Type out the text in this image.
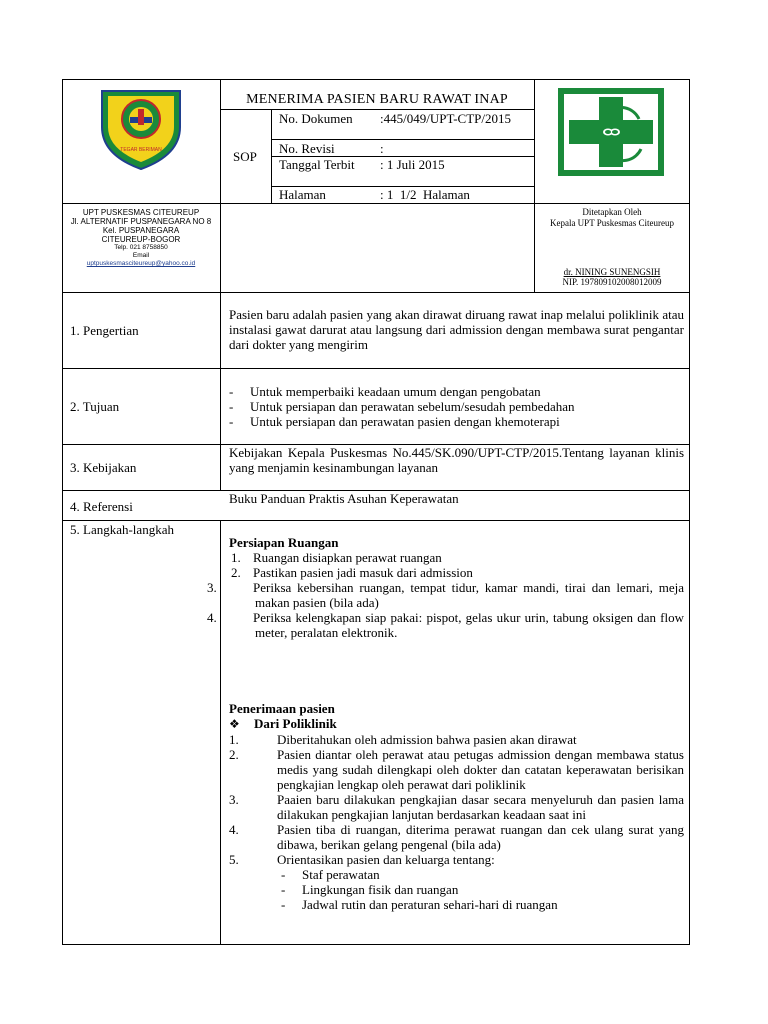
TEGAR BERIMAN
MENERIMA PASIEN BARU RAWAT INAP
SOP
No. Dokumen	:445/049/UPT-CTP/2015
No. Revisi	:
Tanggal Terbit	: 1 Juli 2015
Halaman	: 1  1/2  Halaman
UPT PUSKESMAS CITEUREUP
Jl. ALTERNATIF PUSPANEGARA NO 8
Kel. PUSPANEGARA
CITEUREUP-BOGOR
Telp. 021 8758850
Email
uptpuskesmasciteureup@yahoo.co.id
Ditetapkan Oleh
Kepala UPT Puskesmas Citeureup
dr. NINING SUNENGSIH
NIP. 197809102008012009
1. Pengertian
Pasien baru adalah pasien yang akan dirawat diruang rawat inap melalui poliklinik atau instalasi gawat darurat atau langsung dari admission dengan membawa surat pengantar dari dokter yang mengirim
2. Tujuan
- Untuk memperbaiki keadaan umum dengan pengobatan
- Untuk persiapan dan perawatan sebelum/sesudah pembedahan
- Untuk persiapan dan perawatan pasien dengan khemoterapi
3. Kebijakan
Kebijakan Kepala Puskesmas No.445/SK.090/UPT-CTP/2015.Tentang layanan klinis yang menjamin kesinambungan layanan
4. Referensi
Buku Panduan Praktis Asuhan Keperawatan
5. Langkah-langkah
Persiapan Ruangan
1. Ruangan disiapkan perawat ruangan
2. Pastikan pasien jadi masuk dari admission
3.	Periksa kebersihan ruangan, tempat tidur, kamar mandi, tirai dan lemari, meja makan pasien (bila ada)
4.	Periksa kelengkapan siap pakai: pispot, gelas ukur urin, tabung oksigen dan flow meter, peralatan elektronik.
Penerimaan pasien
❖ Dari Poliklinik
1.	Diberitahukan oleh admission bahwa pasien akan dirawat
2.	Pasien diantar oleh perawat atau petugas admission dengan membawa status medis yang sudah dilengkapi oleh dokter dan catatan keperawatan berisikan pengkajian lengkap oleh perawat dari poliklinik
3.	Paaien baru dilakukan pengkajian dasar secara menyeluruh dan pasien lama dilakukan pengkajian lanjutan berdasarkan keadaan saat ini
4.	Pasien tiba di ruangan, diterima perawat ruangan dan cek ulang surat yang dibawa, berikan gelang pengenal (bila ada)
5.	Orientasikan pasien dan keluarga tentang:
- Staf perawatan
- Lingkungan fisik dan ruangan
- Jadwal rutin dan peraturan sehari-hari di ruangan
